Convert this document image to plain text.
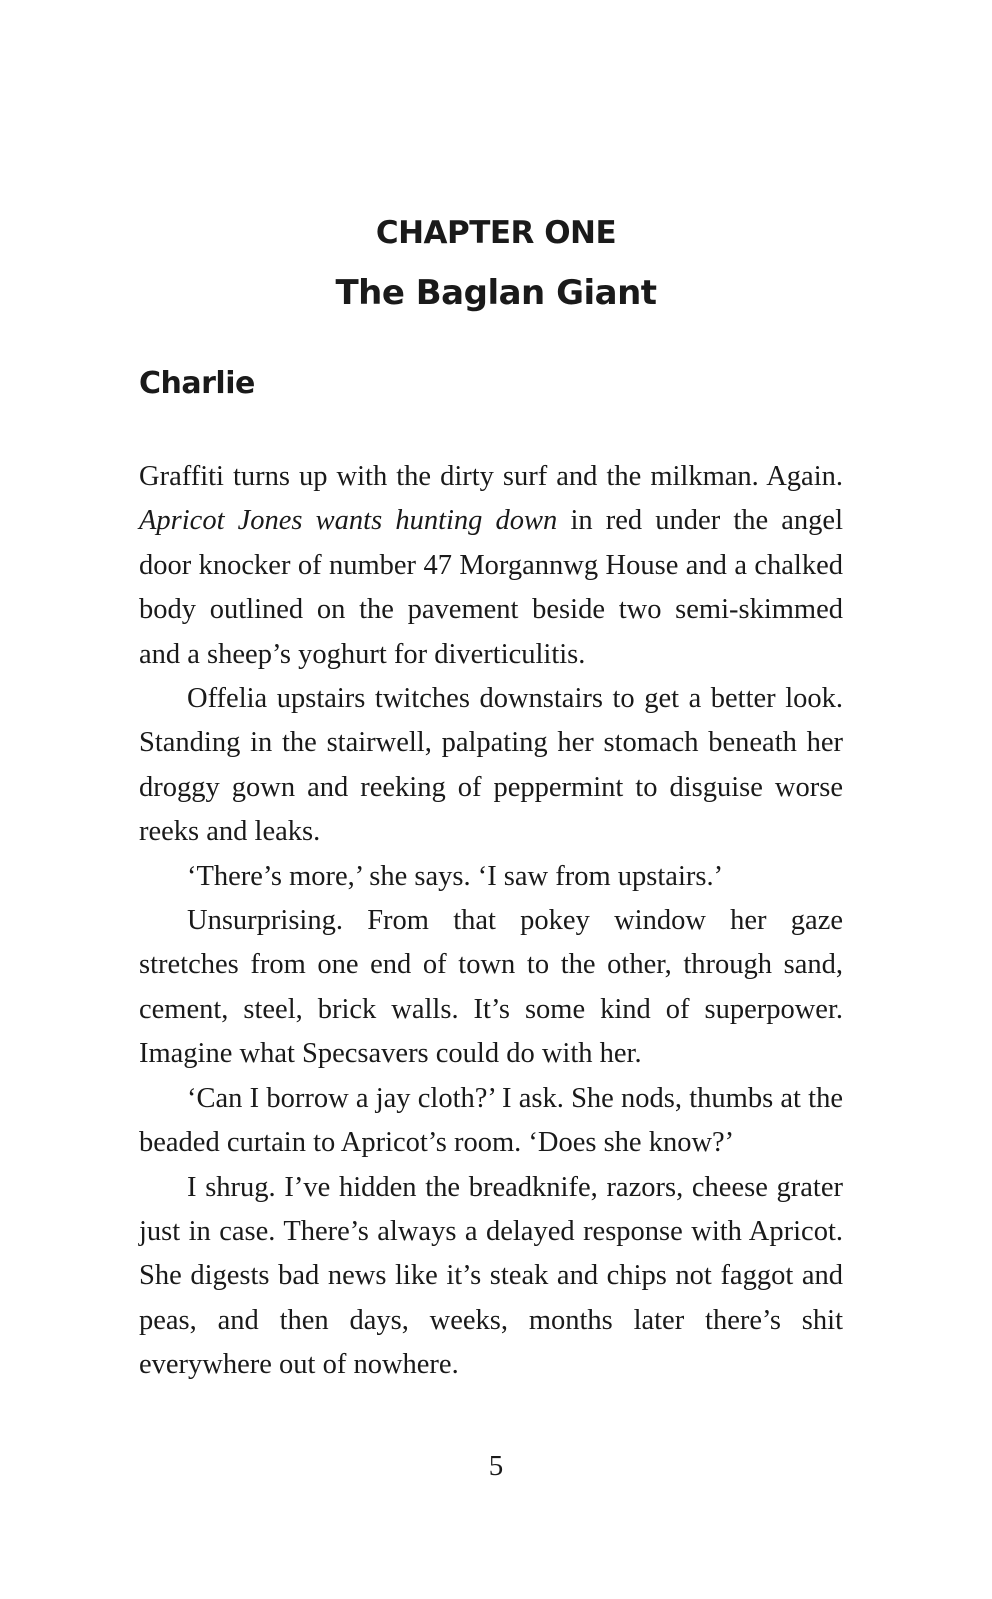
CHAPTER ONE
The Baglan Giant
Charlie

Graffiti turns up with the dirty surf and the milkman. Again. Apricot Jones wants hunting down in red under the angel door knocker of number 47 Morgannwg House and a chalked body outlined on the pavement beside two semi-skimmed and a sheep’s yoghurt for diverticulitis.

Offelia upstairs twitches downstairs to get a better look. Standing in the stairwell, palpating her stomach beneath her droggy gown and reeking of peppermint to disguise worse reeks and leaks.

‘There’s more,’ she says. ‘I saw from upstairs.’

Unsurprising. From that pokey window her gaze stretches from one end of town to the other, through sand, cement, steel, brick walls. It’s some kind of superpower. Imagine what Specsavers could do with her.

‘Can I borrow a jay cloth?’ I ask. She nods, thumbs at the beaded curtain to Apricot’s room. ‘Does she know?’

I shrug. I’ve hidden the breadknife, razors, cheese grater just in case. There’s always a delayed response with Apricot. She digests bad news like it’s steak and chips not faggot and peas, and then days, weeks, months later there’s shit everywhere out of nowhere.

5
